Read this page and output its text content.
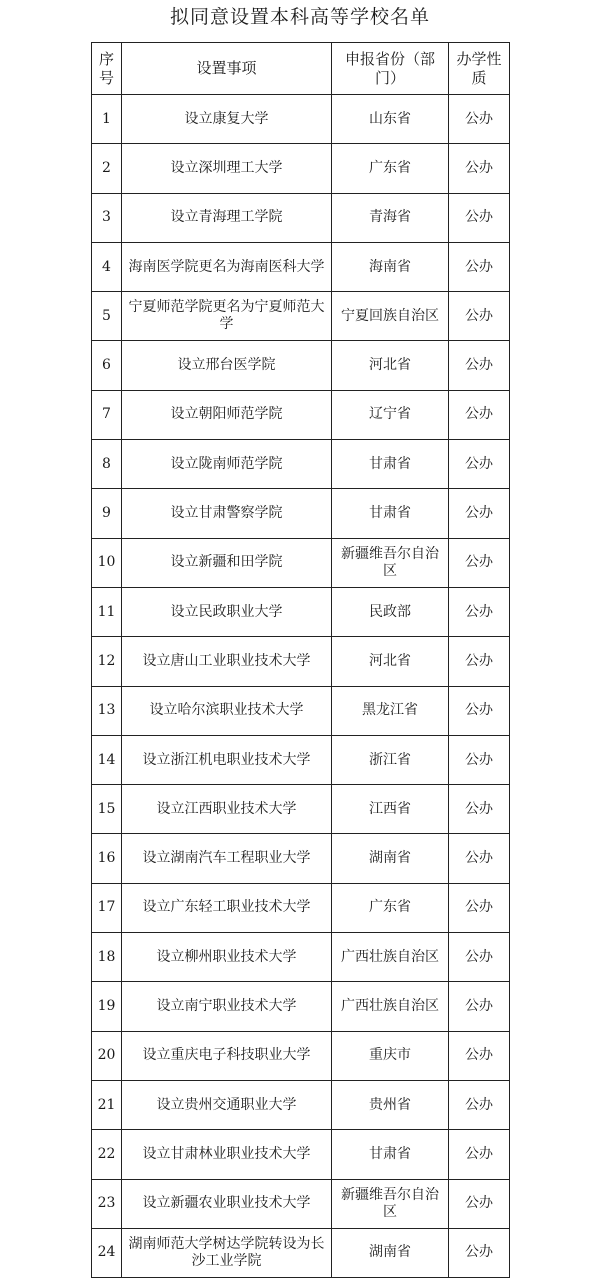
拟同意设置本科高等学校名单
序号	设置事项	申报省份（部门）	办学性质
1	设立康复大学	山东省	公办
2	设立深圳理工大学	广东省	公办
3	设立青海理工学院	青海省	公办
4	海南医学院更名为海南医科大学	海南省	公办
5	宁夏师范学院更名为宁夏师范大学	宁夏回族自治区	公办
6	设立邢台医学院	河北省	公办
7	设立朝阳师范学院	辽宁省	公办
8	设立陇南师范学院	甘肃省	公办
9	设立甘肃警察学院	甘肃省	公办
10	设立新疆和田学院	新疆维吾尔自治区	公办
11	设立民政职业大学	民政部	公办
12	设立唐山工业职业技术大学	河北省	公办
13	设立哈尔滨职业技术大学	黑龙江省	公办
14	设立浙江机电职业技术大学	浙江省	公办
15	设立江西职业技术大学	江西省	公办
16	设立湖南汽车工程职业大学	湖南省	公办
17	设立广东轻工职业技术大学	广东省	公办
18	设立柳州职业技术大学	广西壮族自治区	公办
19	设立南宁职业技术大学	广西壮族自治区	公办
20	设立重庆电子科技职业大学	重庆市	公办
21	设立贵州交通职业大学	贵州省	公办
22	设立甘肃林业职业技术大学	甘肃省	公办
23	设立新疆农业职业技术大学	新疆维吾尔自治区	公办
24	湖南师范大学树达学院转设为长沙工业学院	湖南省	公办
